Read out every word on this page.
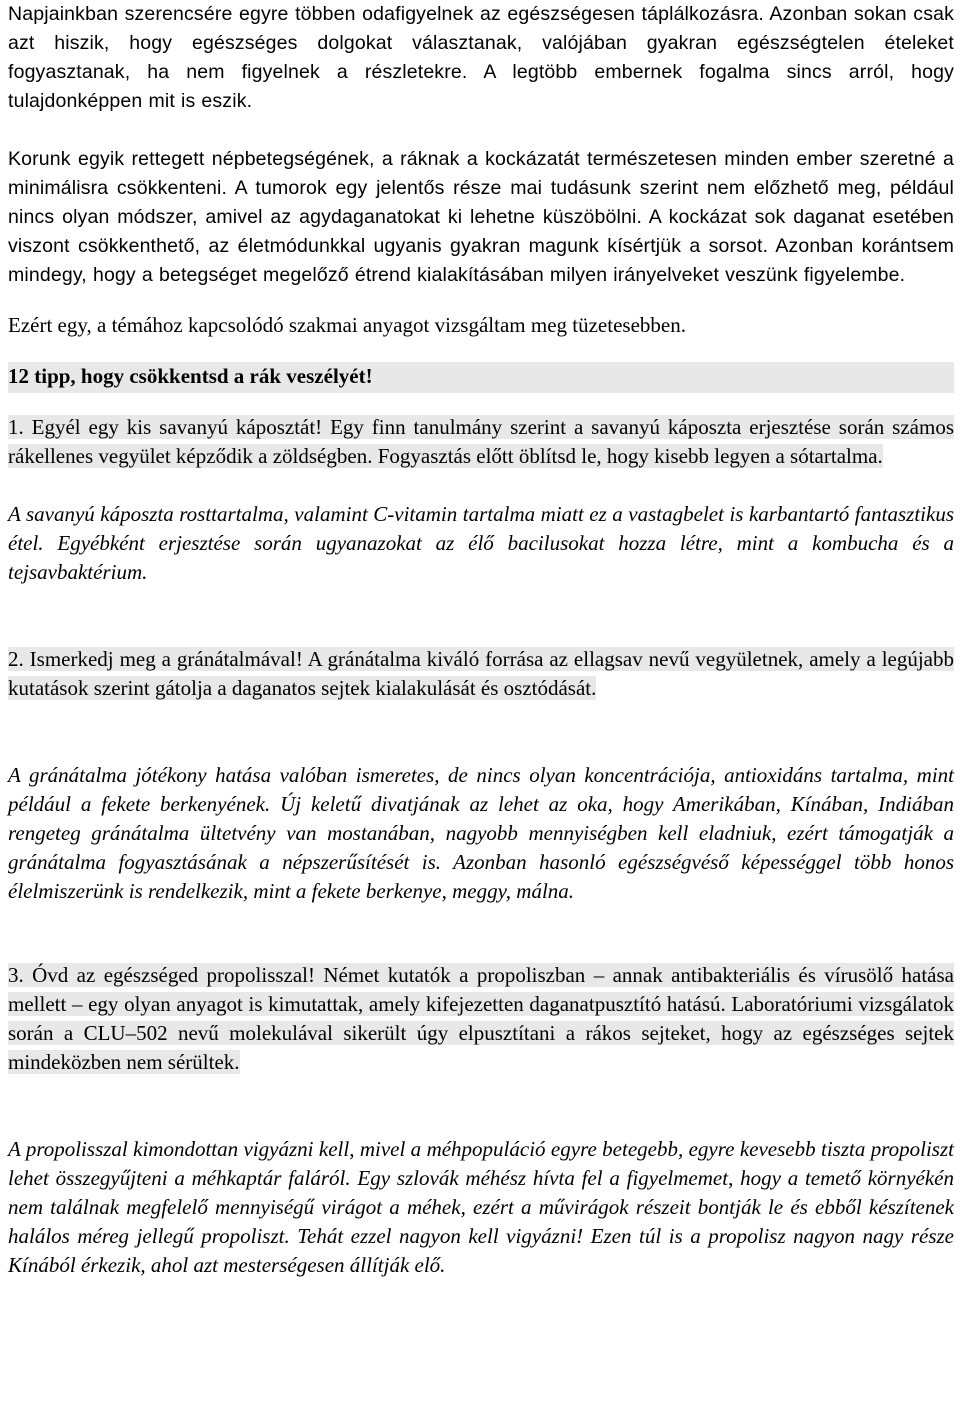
Napjainkban szerencsére egyre többen odafigyelnek az egészségesen táplálkozásra. Azonban sokan csak azt hiszik, hogy egészséges dolgokat választanak, valójában gyakran egészségtelen ételeket fogyasztanak, ha nem figyelnek a részletekre. A legtöbb embernek fogalma sincs arról, hogy tulajdonképpen mit is eszik.

Korunk egyik rettegett népbetegségének, a ráknak a kockázatát természetesen minden ember szeretné a minimálisra csökkenteni. A tumorok egy jelentős része mai tudásunk szerint nem előzhető meg, például nincs olyan módszer, amivel az agydaganatokat ki lehetne küszöbölni. A kockázat sok daganat esetében viszont csökkenthető, az életmódunkkal ugyanis gyakran magunk kísértjük a sorsot. Azonban korántsem mindegy, hogy a betegséget megelőző étrend kialakításában milyen irányelveket veszünk figyelembe.

Ezért egy, a témához kapcsolódó szakmai anyagot vizsgáltam meg tüzetesebben.

12 tipp, hogy csökkentsd a rák veszélyét!

1. Egyél egy kis savanyú káposztát! Egy finn tanulmány szerint a savanyú káposzta erjesztése során számos rákellenes vegyület képződik a zöldségben. Fogyasztás előtt öblítsd le, hogy kisebb legyen a sótartalma.

A savanyú káposzta rosttartalma, valamint C-vitamin tartalma miatt ez a vastagbelet is karbantartó fantasztikus étel. Egyébként erjesztése során ugyanazokat az élő bacilusokat hozza létre, mint a kombucha és a tejsavbaktérium.

2. Ismerkedj meg a gránátalmával! A gránátalma kiváló forrása az ellagsav nevű vegyületnek, amely a legújabb kutatások szerint gátolja a daganatos sejtek kialakulását és osztódását.

A gránátalma jótékony hatása valóban ismeretes, de nincs olyan koncentrációja, antioxidáns tartalma, mint például a fekete berkenyének. Új keletű divatjának az lehet az oka, hogy Amerikában, Kínában, Indiában rengeteg gránátalma ültetvény van mostanában, nagyobb mennyiségben kell eladniuk, ezért támogatják a gránátalma fogyasztásának a népszerűsítését is. Azonban hasonló egészségvéső képességgel több honos élelmiszerünk is rendelkezik, mint a fekete berkenye, meggy, málna.

3. Óvd az egészséged propolisszal! Német kutatók a propoliszban – annak antibakteriális és vírusölő hatása mellett – egy olyan anyagot is kimutattak, amely kifejezetten daganatpusztító hatású. Laboratóriumi vizsgálatok során a CLU–502 nevű molekulával sikerült úgy elpusztítani a rákos sejteket, hogy az egészséges sejtek mindeközben nem sérültek.

A propolisszal kimondottan vigyázni kell, mivel a méhpopuláció egyre betegebb, egyre kevesebb tiszta propoliszt lehet összegyűjteni a méhkaptár faláról. Egy szlovák méhész hívta fel a figyelmemet, hogy a temető környékén nem találnak megfelelő mennyiségű virágot a méhek, ezért a művirágok részeit bontják le és ebből készítenek halálos méreg jellegű propoliszt. Tehát ezzel nagyon kell vigyázni! Ezen túl is a propolisz nagyon nagy része Kínából érkezik, ahol azt mesterségesen állítják elő.
